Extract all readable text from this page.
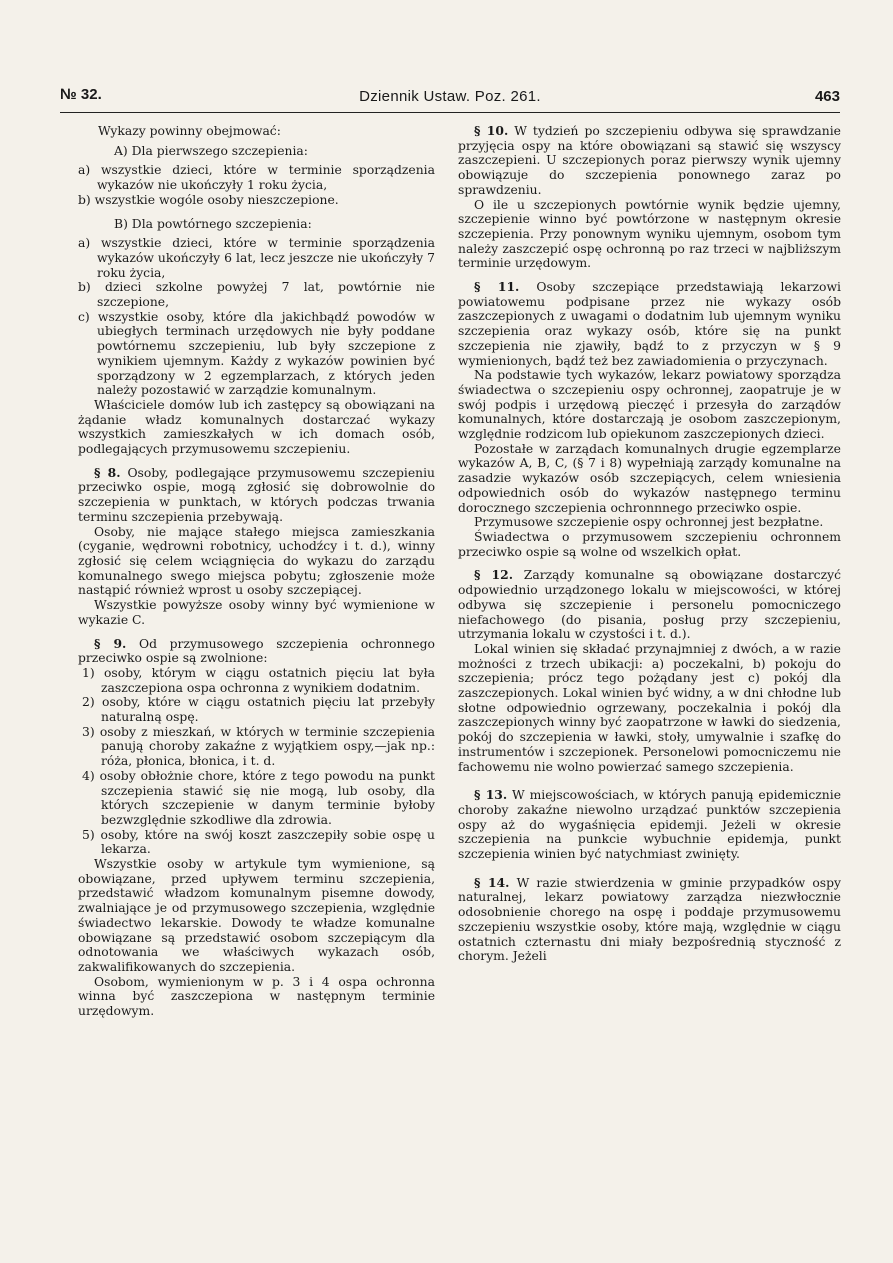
№ 32.	Dziennik Ustaw. Poz. 261.	463

Wykazy powinny obejmować:

A) Dla pierwszego szczepienia:

a) wszystkie dzieci, które w terminie sporządzenia wykazów nie ukończyły 1 roku życia,

b) wszystkie wogóle osoby nieszczepione.

B) Dla powtórnego szczepienia:

a) wszystkie dzieci, które w terminie sporządzenia wykazów ukończyły 6 lat, lecz jeszcze nie ukończyły 7 roku życia,

b) dzieci szkolne powyżej 7 lat, powtórnie nie szczepione,

c) wszystkie osoby, które dla jakichbądź powodów w ubiegłych terminach urzędowych nie były poddane powtórnemu szczepieniu, lub były szczepione z wynikiem ujemnym. Każdy z wykazów powinien być sporządzony w 2 egzemplarzach, z których jeden należy pozostawić w zarządzie komunalnym.

Właściciele domów lub ich zastępcy są obowiązani na żądanie władz komunalnych dostarczać wykazy wszystkich zamieszkałych w ich domach osób, podlegających przymusowemu szczepieniu.

§ 8. Osoby, podlegające przymusowemu szczepieniu przeciwko ospie, mogą zgłosić się dobrowolnie do szczepienia w punktach, w których podczas trwania terminu szczepienia przebywają.

Osoby, nie mające stałego miejsca zamieszkania (cyganie, wędrowni robotnicy, uchodźcy i t. d.), winny zgłosić się celem wciągnięcia do wykazu do zarządu komunalnego swego miejsca pobytu; zgłoszenie może nastąpić również wprost u osoby szczepiącej.

Wszystkie powyższe osoby winny być wymienione w wykazie C.

§ 9. Od przymusowego szczepienia ochronnego przeciwko ospie są zwolnione:

1) osoby, którym w ciągu ostatnich pięciu lat była zaszczepiona ospa ochronna z wynikiem dodatnim.

2) osoby, które w ciągu ostatnich pięciu lat przebyły naturalną ospę.

3) osoby z mieszkań, w których w terminie szczepienia panują choroby zakaźne z wyjątkiem ospy,—jak np.: róża, płonica, błonica, i t. d.

4) osoby obłożnie chore, które z tego powodu na punkt szczepienia stawić się nie mogą, lub osoby, dla których szczepienie w danym terminie byłoby bezwzględnie szkodliwe dla zdrowia.

5) osoby, które na swój koszt zaszczepiły sobie ospę u lekarza.

Wszystkie osoby w artykule tym wymienione, są obowiązane, przed upływem terminu szczepienia, przedstawić władzom komunalnym pisemne dowody, zwalniające je od przymusowego szczepienia, względnie świadectwo lekarskie. Dowody te władze komunalne obowiązane są przedstawić osobom szczepiącym dla odnotowania we właściwych wykazach osób, zakwalifikowanych do szczepienia.

Osobom, wymienionym w p. 3 i 4 ospa ochronna winna być zaszczepiona w następnym terminie urzędowym.

§ 10. W tydzień po szczepieniu odbywa się sprawdzanie przyjęcia ospy na które obowiązani są stawić się wszyscy zaszczepieni. U szczepionych poraz pierwszy wynik ujemny obowiązuje do szczepienia ponownego zaraz po sprawdzeniu.

O ile u szczepionych powtórnie wynik będzie ujemny, szczepienie winno być powtórzone w następnym okresie szczepienia. Przy ponownym wyniku ujemnym, osobom tym należy zaszczepić ospę ochronną po raz trzeci w najbliższym terminie urzędowym.

§ 11. Osoby szczepiące przedstawiają lekarzowi powiatowemu podpisane przez nie wykazy osób zaszczepionych z uwagami o dodatnim lub ujemnym wyniku szczepienia oraz wykazy osób, które się na punkt szczepienia nie zjawiły, bądź to z przyczyn w § 9 wymienionych, bądź też bez zawiadomienia o przyczynach.

Na podstawie tych wykazów, lekarz powiatowy sporządza świadectwa o szczepieniu ospy ochronnej, zaopatruje je w swój podpis i urzędową pieczęć i przesyła do zarządów komunalnych, które dostarczają je osobom zaszczepionym, względnie rodzicom lub opiekunom zaszczepionych dzieci.

Pozostałe w zarządach komunalnych drugie egzemplarze wykazów A, B, C, (§ 7 i 8) wypełniają zarządy komunalne na zasadzie wykazów osób szczepiących, celem wniesienia odpowiednich osób do wykazów następnego terminu dorocznego szczepienia ochronnnego przeciwko ospie.

Przymusowe szczepienie ospy ochronnej jest bezpłatne.

Świadectwa o przymusowem szczepieniu ochronnem przeciwko ospie są wolne od wszelkich opłat.

§ 12. Zarządy komunalne są obowiązane dostarczyć odpowiednio urządzonego lokalu w miejscowości, w której odbywa się szczepienie i personelu pomocniczego niefachowego (do pisania, posług przy szczepieniu, utrzymania lokalu w czystości i t. d.).

Lokal winien się składać przynajmniej z dwóch, a w razie możności z trzech ubikacji: a) poczekalni, b) pokoju do szczepienia; prócz tego pożądany jest c) pokój dla zaszczepionych. Lokal winien być widny, a w dni chłodne lub słotne odpowiednio ogrzewany, poczekalnia i pokój dla zaszczepionych winny być zaopatrzone w ławki do siedzenia, pokój do szczepienia w ławki, stoły, umywalnie i szafkę do instrumentów i szczepionek. Personelowi pomocniczemu nie fachowemu nie wolno powierzać samego szczepienia.

§ 13. W miejscowościach, w których panują epidemicznie choroby zakaźne niewolno urządzać punktów szczepienia ospy aż do wygaśnięcia epidemji. Jeżeli w okresie szczepienia na punkcie wybuchnie epidemja, punkt szczepienia winien być natychmiast zwinięty.

§ 14. W razie stwierdzenia w gminie przypadków ospy naturalnej, lekarz powiatowy zarządza niezwłocznie odosobnienie chorego na ospę i poddaje przymusowemu szczepieniu wszystkie osoby, które mają, względnie w ciągu ostatnich czternastu dni miały bezpośrednią styczność z chorym. Jeżeli
